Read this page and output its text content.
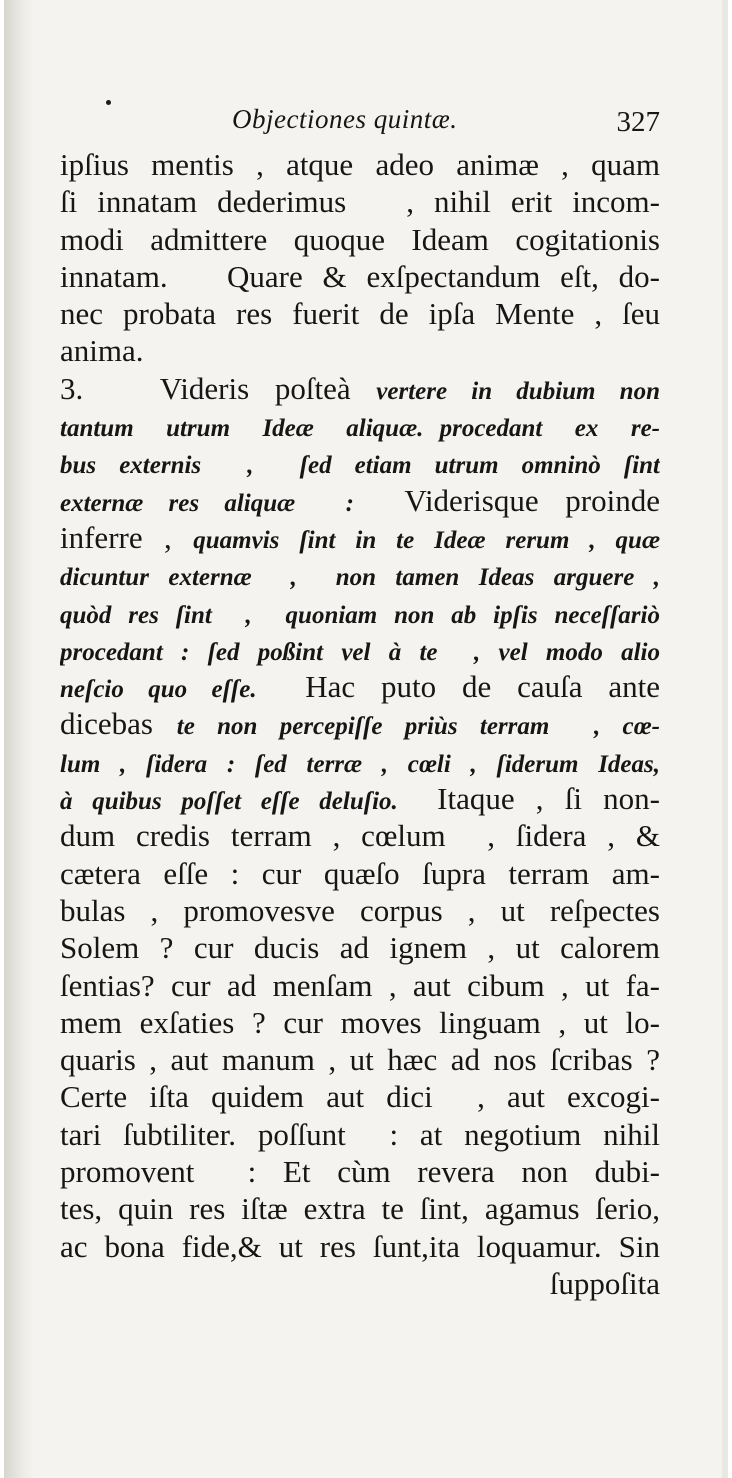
Objectiones quintæ.	327
ipſius mentis , atque adeo animæ , quam
ſi innatam dederimus   , nihil erit incom-
modi admittere quoque Ideam cogitationis
innatam.   Quare & exſpectandum eſt, do-
nec probata res fuerit de ipſa Mente , ſeu
anima.
3.   Videris poſteà vertere in dubium non
tantum  utrum  Ideæ  aliquæ. procedant  ex  re-
bus externis  ,  ſed etiam utrum omninò ſint
externæ res aliquæ  :  Viderisque proinde
inferre , quamvis ſint in te Ideæ rerum , quæ
dicuntur externæ  ,  non tamen Ideas arguere ,
quòd res ſint  ,  quoniam non ab ipſis neceſſariò
procedant : ſed poßint vel à te  , vel modo alio
neſcio quo eſſe.  Hac puto de cauſa ante
dicebas te non percepiſſe priùs terram  , cœ-
lum , ſidera : ſed terræ , cœli , ſiderum Ideas,
à quibus poſſet eſſe deluſio.  Itaque , ſi non-
dum credis terram , cœlum  , ſidera , &
cætera eſſe : cur quæſo ſupra terram am-
bulas , promovesve corpus , ut reſpectes
Solem ? cur ducis ad ignem , ut calorem
ſentias? cur ad menſam , aut cibum , ut fa-
mem exſaties ? cur moves linguam , ut lo-
quaris , aut manum , ut hæc ad nos ſcribas ?
Certe iſta quidem aut dici  , aut excogi-
tari ſubtiliter. poſſunt  : at negotium nihil
promovent  : Et cùm revera non dubi-
tes, quin res iſtæ extra te ſint, agamus ſerio,
ac bona fide,& ut res ſunt,ita loquamur. Sin
ſuppoſita
